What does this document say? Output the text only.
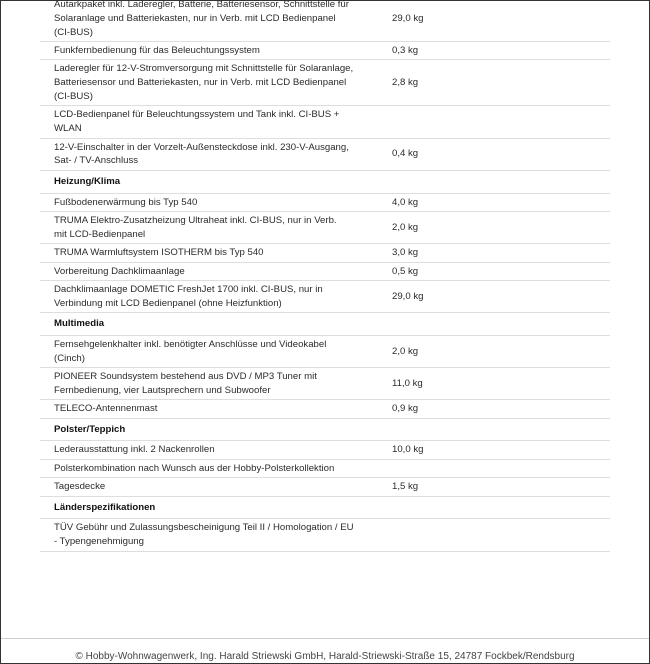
Autarkpaket inkl. Laderegler, Batterie, Batteriesensor, Schnittstelle für
Solaranlage und Batteriekasten, nur in Verb. mit LCD Bedienpanel
(CI-BUS)	29,0 kg

Funkfernbedienung für das Beleuchtungssystem	0,3 kg

Laderegler für 12-V-Stromversorgung mit Schnittstelle für Solaranlage,
Batteriesensor und Batteriekasten, nur in Verb. mit LCD Bedienpanel
(CI-BUS)	2,8 kg

LCD-Bedienpanel für Beleuchtungssystem und Tank inkl. CI-BUS +
WLAN	

12-V-Einschalter in der Vorzelt-Außensteckdose inkl. 230-V-Ausgang,
Sat- / TV-Anschluss	0,4 kg
Heizung/Klima	

Fußbodenerwärmung bis Typ 540	4,0 kg

TRUMA Elektro-Zusatzheizung Ultraheat inkl. CI-BUS, nur in Verb.
mit LCD-Bedienpanel	2,0 kg

TRUMA Warmluftsystem ISOTHERM bis Typ 540	3,0 kg

Vorbereitung Dachklimaanlage	0,5 kg

Dachklimaanlage DOMETIC FreshJet 1700 inkl. CI-BUS, nur in
Verbindung mit LCD Bedienpanel (ohne Heizfunktion)	29,0 kg
Multimedia	

Fernsehgelenkhalter inkl. benötigter Anschlüsse und Videokabel
(Cinch)	2,0 kg

PIONEER Soundsystem bestehend aus DVD / MP3 Tuner mit
Fernbedienung, vier Lautsprechern und Subwoofer	11,0 kg

TELECO-Antennenmast	0,9 kg
Polster/Teppich	

Lederausstattung inkl. 2 Nackenrollen	10,0 kg

Polsterkombination nach Wunsch aus der Hobby-Polsterkollektion	

Tagesdecke	1,5 kg
Länderspezifikationen	

TÜV Gebühr und Zulassungsbescheinigung Teil II / Homologation / EU
- Typengenehmigung	

© Hobby-Wohnwagenwerk, Ing. Harald Striewski GmbH, Harald-Striewski-Straße 15, 24787 Fockbek/Rendsburg
